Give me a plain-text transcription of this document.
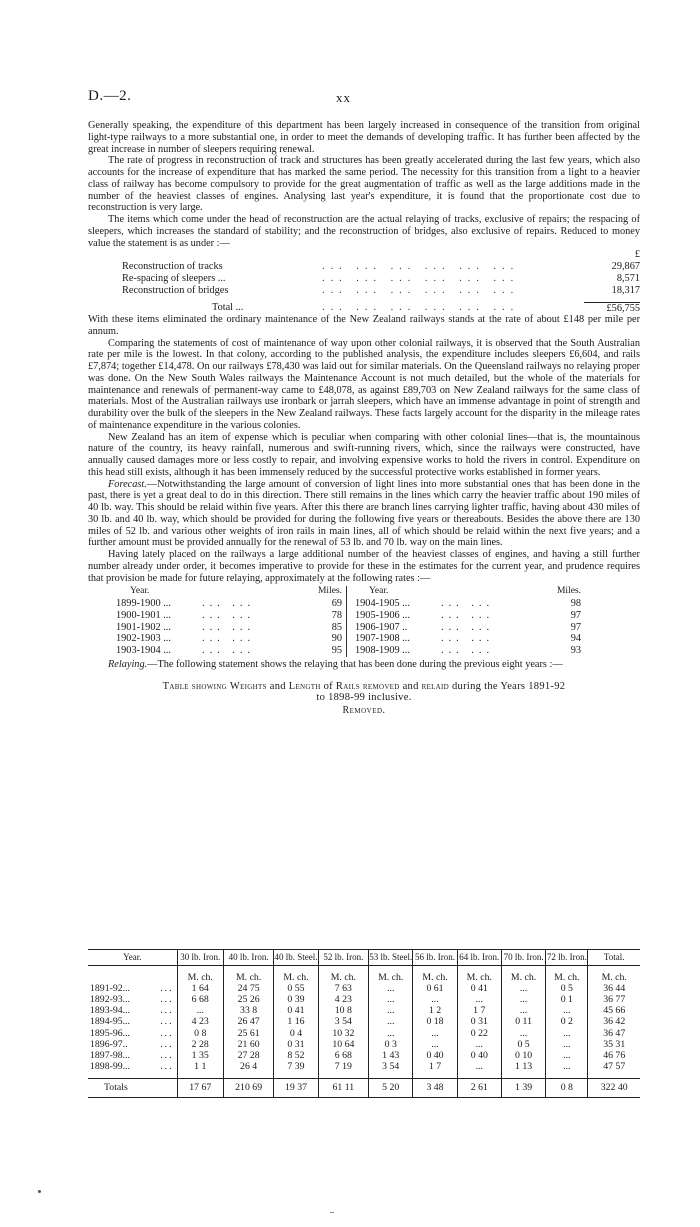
D.—2.	xx

Generally speaking, the expenditure of this department has been largely increased in consequence of the transition from original light-type railways to a more substantial one, in order to meet the demands of developing traffic. It has further been affected by the great increase in number of sleepers requiring renewal.

The rate of progress in reconstruction of track and structures has been greatly accelerated during the last few years, which also accounts for the increase of expenditure that has marked the same period. The necessity for this transition from a light to a heavier class of railway has become compulsory to provide for the great augmentation of traffic as well as the large additions made in the number of the heaviest classes of engines. Analysing last year's expenditure, it is found that the proportionate cost due to reconstruction is very large.

The items which come under the head of reconstruction are the actual relaying of tracks, exclusive of repairs; the respacing of sleepers, which increases the standard of stability; and the reconstruction of bridges, also exclusive of repairs. Reduced to money value the statement is as under :—

£
Reconstruction of tracks	... ... ... ... ... ...	29,867
Re-spacing of sleepers ...	... ... ... ... ... ...	8,571
Reconstruction of bridges	... ... ... ... ... ...	18,317
Total ...	... ... ... ... ... ...	£56,755

With these items eliminated the ordinary maintenance of the New Zealand railways stands at the rate of about £148 per mile per annum.

Comparing the statements of cost of maintenance of way upon other colonial railways, it is observed that the South Australian rate per mile is the lowest. In that colony, according to the published analysis, the expenditure includes sleepers £6,604, and rails £7,874; together £14,478. On our railways £78,430 was laid out for similar materials. On the Queensland railways no relaying proper was done. On the New South Wales railways the Maintenance Account is not much detailed, but the whole of the materials for maintenance and renewals of permanent-way came to £48,078, as against £89,703 on New Zealand railways for the same class of materials. Most of the Australian railways use ironbark or jarrah sleepers, which have an immense advantage in point of strength and durability over the bulk of the sleepers in the New Zealand railways. These facts largely account for the disparity in the mileage rates of maintenance expenditure in the various colonies.

New Zealand has an item of expense which is peculiar when comparing with other colonial lines—that is, the mountainous nature of the country, its heavy rainfall, numerous and swift-running rivers, which, since the railways were constructed, have annually caused damages more or less costly to repair, and involving expensive works to hold the rivers in control. Expenditure on this head still exists, although it has been immensely reduced by the successful protective works established in former years.

Forecast.—Notwithstanding the large amount of conversion of light lines into more substantial ones that has been done in the past, there is yet a great deal to do in this direction. There still remains in the lines which carry the heavier traffic about 190 miles of 40 lb. way. This should be relaid within five years. After this there are branch lines carrying lighter traffic, having about 430 miles of 30 lb. and 40 lb. way, which should be provided for during the following five years or thereabouts. Besides the above there are 130 miles of 52 lb. and various other weights of iron rails in main lines, all of which should be relaid within the next five years; and a further amount must be provided annually for the renewal of 53 lb. and 70 lb. way on the main lines.

Having lately placed on the railways a large additional number of the heaviest classes of engines, and having a still further number already under order, it becomes imperative to provide for these in the estimates for the current year, and prudence requires that provision be made for future relaying, approximately at the following rates :—

Year.	Miles.
1899-1900 ...	... ...	69
1900-1901 ...	... ...	78
1901-1902 ...	... ...	85
1902-1903 ...	... ...	90
1903-1904 ...	... ...	95
Year.	Miles.
1904-1905 ...	... ...	98
1905-1906 ...	... ...	97
1906-1907 ..	... ...	97
1907-1908 ...	... ...	94
1908-1909 ...	... ...	93

Relaying.—The following statement shows the relaying that has been done during the previous eight years :—

Table showing Weights and Length of Rails removed and relaid during the Years 1891-92
to 1898-99 inclusive.
Removed.
Year.	30 lb. Iron.	40 lb. Iron.	40 lb. Steel.	52 lb. Iron.	53 lb. Steel.	56 lb. Iron.	64 lb. Iron.	70 lb. Iron.	72 lb. Iron.	Total.
	M. ch.	M. ch.	M. ch.	M. ch.	M. ch.	M. ch.	M. ch.	M. ch.	M. ch.	M. ch.
1891-92... ...	1 64	24 75	0 55	7 63	...	0 61	0 41	...	0 5	36 44
1892-93... ...	6 68	25 26	0 39	4 23	...	...	...	...	0 1	36 77
1893-94... ...	...	33 8	0 41	10 8	...	1 2	1 7	...	...	45 66
1894-95... ...	4 23	26 47	1 16	3 54	...	0 18	0 31	0 11	0 2	36 42
1895-96... ...	0 8	25 61	0 4	10 32	...	...	0 22	...	...	36 47
1896-97.. ...	2 28	21 60	0 31	10 64	0 3	...	...	0 5	...	35 31
1897-98... ...	1 35	27 28	8 52	6 68	1 43	0 40	0 40	0 10	...	46 76
1898-99... ...	1 1	26 4	7 39	7 19	3 54	1 7	...	1 13	...	47 57

Totals	17 67	210 69	19 37	61 11	5 20	3 48	2 61	1 39	0 8	322 40
